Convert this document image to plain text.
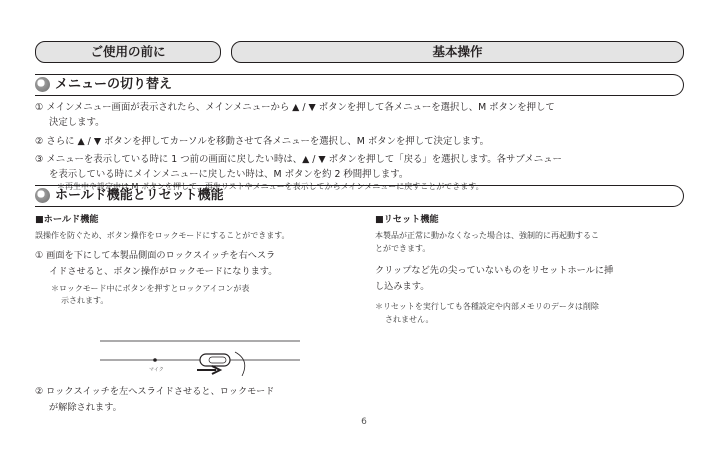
ご使用の前に	基本操作
メニューの切り替え
① メインメニュー画面が表示されたら、メインメニューから ▲ / ▼ ボタンを押して各メニューを選択し、M ボタンを押して
決定します。
② さらに ▲ / ▼ ボタンを押してカーソルを移動させて各メニューを選択し、M ボタンを押して決定します。
③ メニューを表示している時に 1 つ前の画面に戻したい時は、▲ / ▼ ボタンを押して「戻る」を選択します。各サブメニュー
を表示している時にメインメニューに戻したい時は、M ボタンを約 2 秒間押します。
＊再生中や設定中は M ボタンを押して、再生リストやメニューを表示してからメインメニューに戻すことができます。
ホールド機能とリセット機能
■ホールド機能
誤操作を防ぐため、ボタン操作をロックモードにすることができます。
① 画面を下にして本製品側面のロックスイッチを右へスラ
イドさせると、ボタン操作がロックモードになります。
＊ロックモード中にボタンを押すとロックアイコンが表
示されます。
マイク
② ロックスイッチを左へスライドさせると、ロックモード
が解除されます。
■リセット機能
本製品が正常に動かなくなった場合は、強制的に再起動するこ
とができます。
クリップなど先の尖っていないものをリセットホールに挿
し込みます。
＊リセットを実行しても各種設定や内部メモリのデータは削除
されません。
6
